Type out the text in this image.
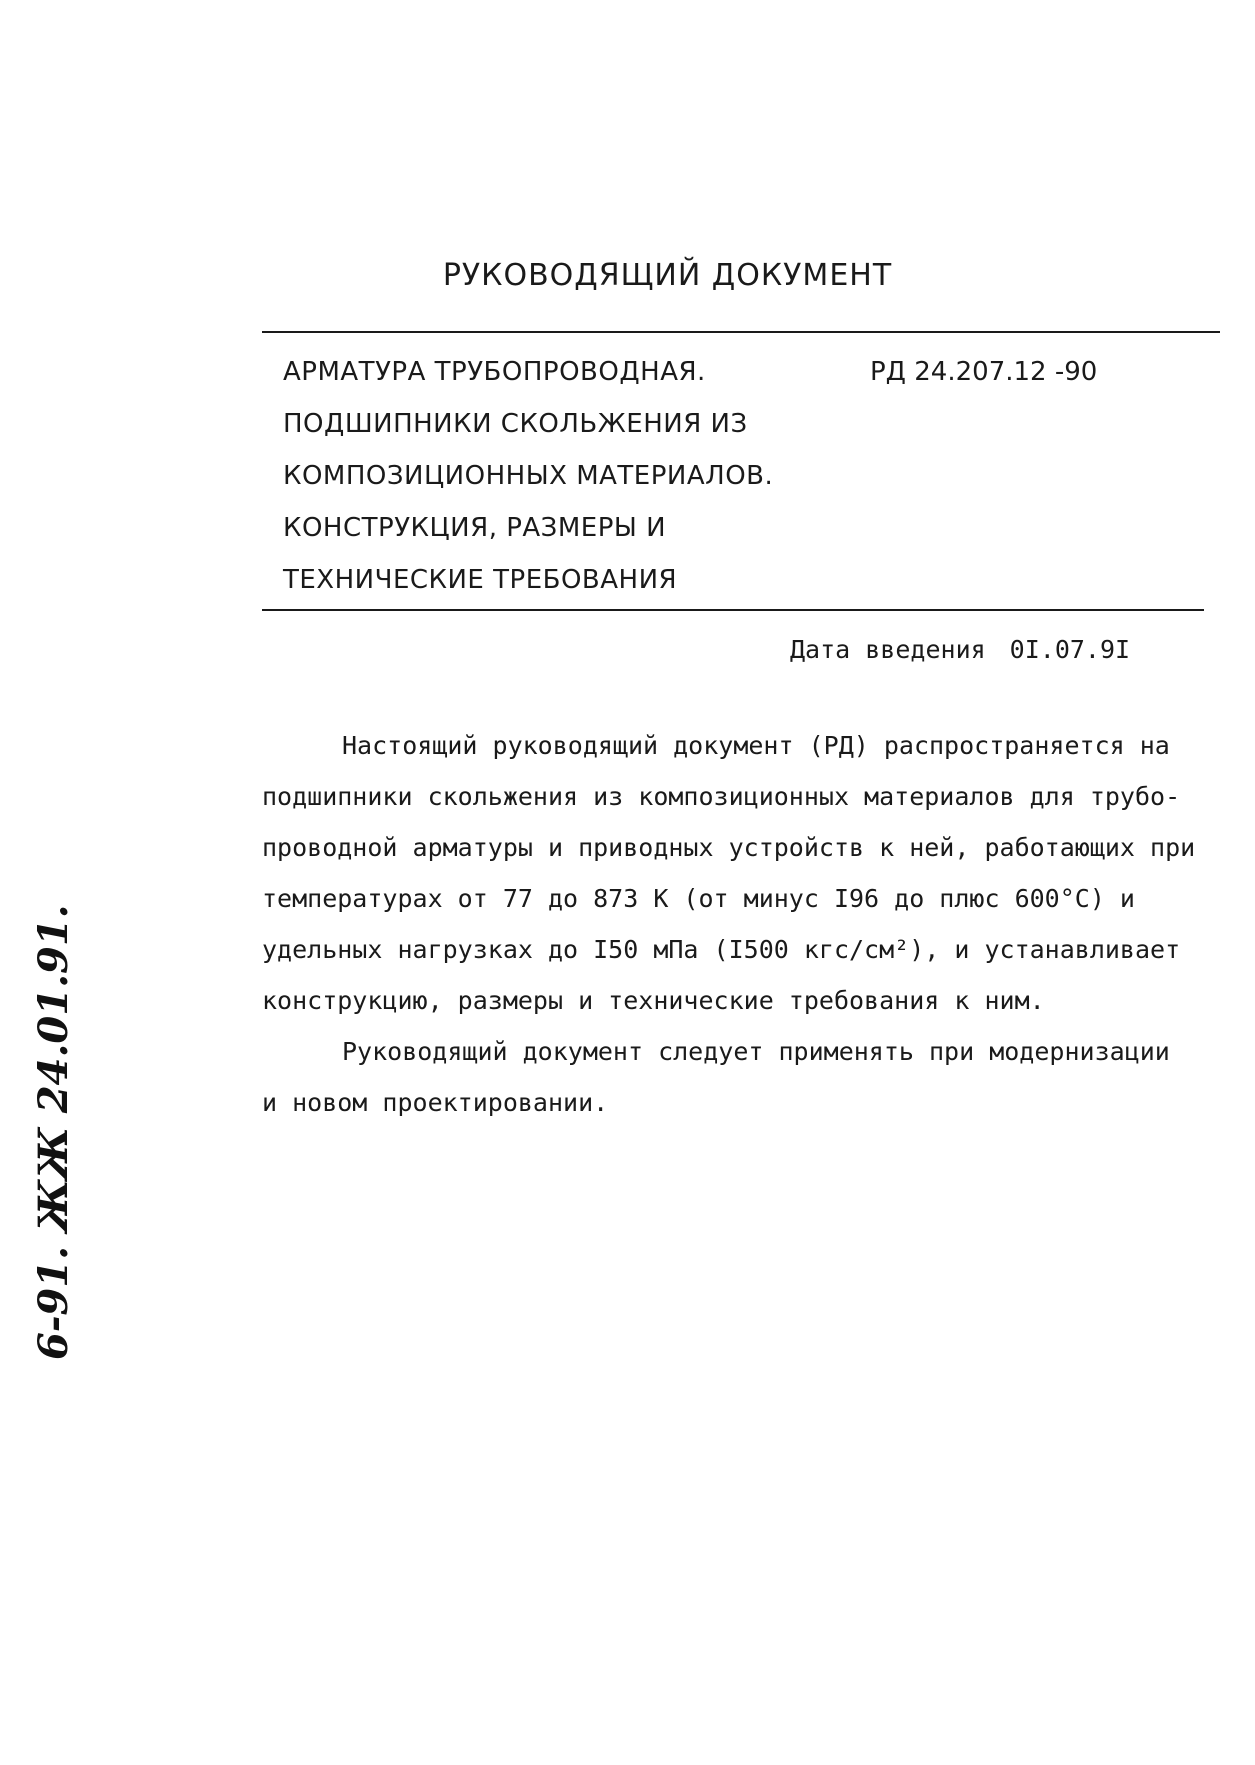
РУКОВОДЯЩИЙ ДОКУМЕНТ
АРМАТУРА ТРУБОПРОВОДНАЯ.
ПОДШИПНИКИ СКОЛЬЖЕНИЯ ИЗ
КОМПОЗИЦИОННЫХ МАТЕРИАЛОВ.
КОНСТРУКЦИЯ, РАЗМЕРЫ И
ТЕХНИЧЕСКИЕ ТРЕБОВАНИЯ
РД 24.207.12 -90
Дата введения 0I.07.9I
Настоящий руководящий документ (РД) распространяется на
подшипники скольжения из композиционных материалов для трубо-
проводной арматуры и приводных устройств к ней, работающих при
температурах от 77 до 873 К (от минус I96 до плюс 600°С) и
удельных нагрузках до I50 мПа (I500 кгс/см²), и устанавливает
конструкцию, размеры и технические требования к ним.
Руководящий документ следует применять при модернизации
и новом проектировании.
6-91. ЖЖ 24.01.91.
